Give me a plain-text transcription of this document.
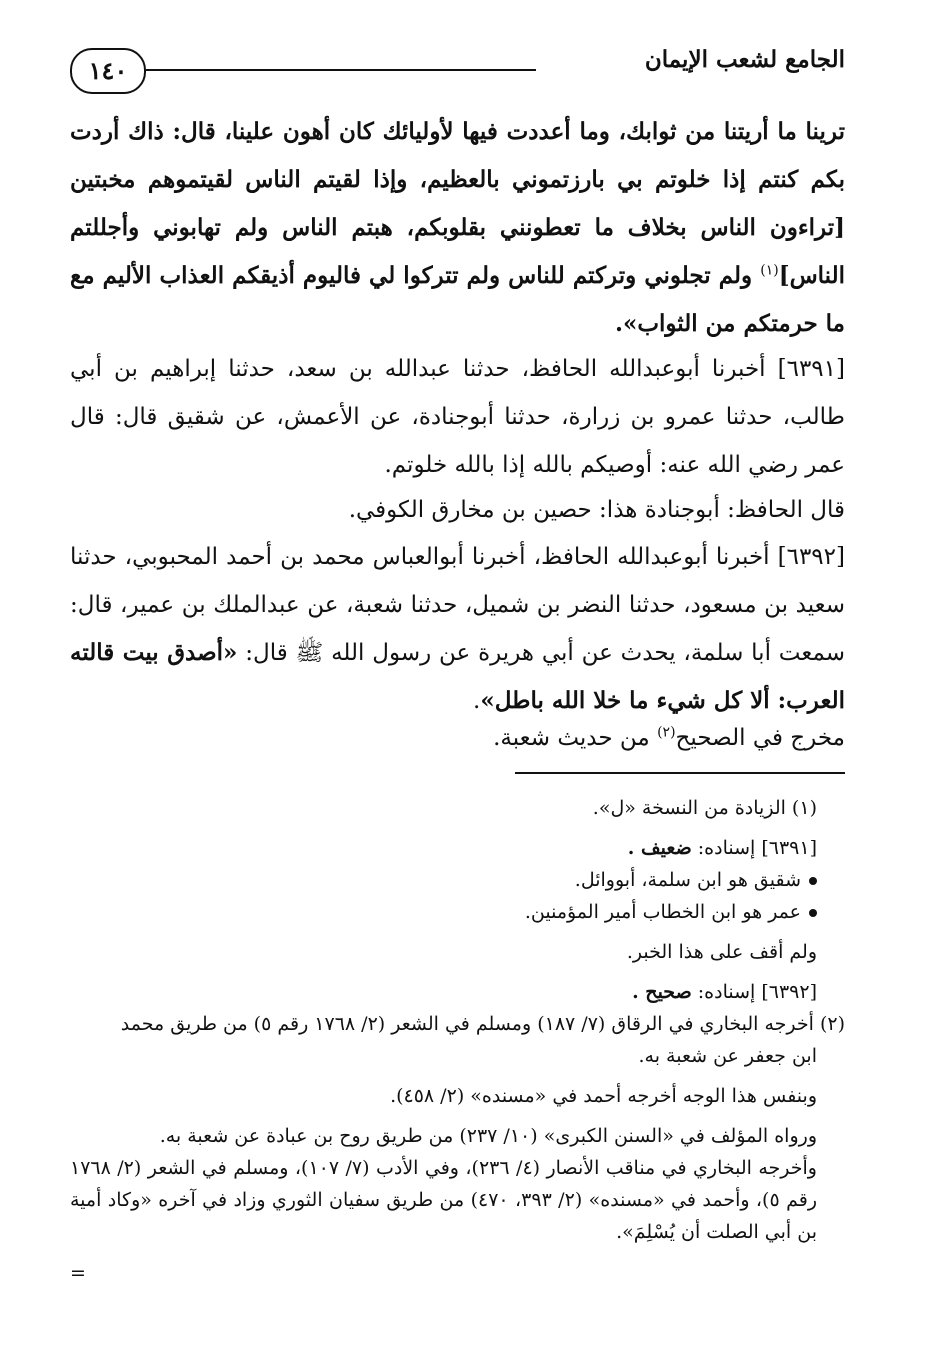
١٤٠	الجامع لشعب الإيمان
ترينا ما أريتنا من ثوابك، وما أعددت فيها لأوليائك كان أهون علينا، قال: ذاك أردت بكم كنتم إذا خلوتم بي بارزتموني بالعظيم، وإذا لقيتم الناس لقيتموهم مخبتين [تراءون الناس بخلاف ما تعطونني بقلوبكم، هبتم الناس ولم تهابوني وأجللتم الناس]$^{(١)}$ ولم تجلوني وتركتم للناس ولم تتركوا لي فاليوم أذيقكم العذاب الأليم مع ما حرمتكم من الثواب».
[٦٣٩١] أخبرنا أبوعبدالله الحافظ، حدثنا عبدالله بن سعد، حدثنا إبراهيم بن أبي طالب، حدثنا عمرو بن زرارة، حدثنا أبوجنادة، عن الأعمش، عن شقيق قال: قال عمر رضي الله عنه: أوصيكم بالله إذا بالله خلوتم.
قال الحافظ: أبوجنادة هذا: حصين بن مخارق الكوفي.
[٦٣٩٢] أخبرنا أبوعبدالله الحافظ، أخبرنا أبوالعباس محمد بن أحمد المحبوبي، حدثنا سعيد بن مسعود، حدثنا النضر بن شميل، حدثنا شعبة، عن عبدالملك بن عمير، قال: سمعت أبا سلمة، يحدث عن أبي هريرة عن رسول الله ﷺ قال: «أصدق بيت قالته العرب: ألا كل شيء ما خلا الله باطل».
مخرج في الصحيح$^{(٢)}$ من حديث شعبة.
(١) الزيادة من النسخة «ل».
[٦٣٩١] إسناده: ضعيف .
شقيق هو ابن سلمة، أبووائل.
عمر هو ابن الخطاب أمير المؤمنين.
ولم أقف على هذا الخبر.
[٦٣٩٢] إسناده: صحيح .
(٢) أخرجه البخاري في الرقاق (٧/ ١٨٧) ومسلم في الشعر (٢/ ١٧٦٨ رقم ٥) من طريق محمد
ابن جعفر عن شعبة به.
وبنفس هذا الوجه أخرجه أحمد في «مسنده» (٢/ ٤٥٨).
ورواه المؤلف في «السنن الكبرى» (١٠/ ٢٣٧) من طريق روح بن عبادة عن شعبة به.
وأخرجه البخاري في مناقب الأنصار (٤/ ٢٣٦)، وفي الأدب (٧/ ١٠٧)، ومسلم في الشعر (٢/ ١٧٦٨ رقم ٥)، وأحمد في «مسنده» (٢/ ٣٩٣، ٤٧٠) من طريق سفيان الثوري وزاد في آخره «وكاد أمية بن أبي الصلت أن يُسْلِمَ».
=
